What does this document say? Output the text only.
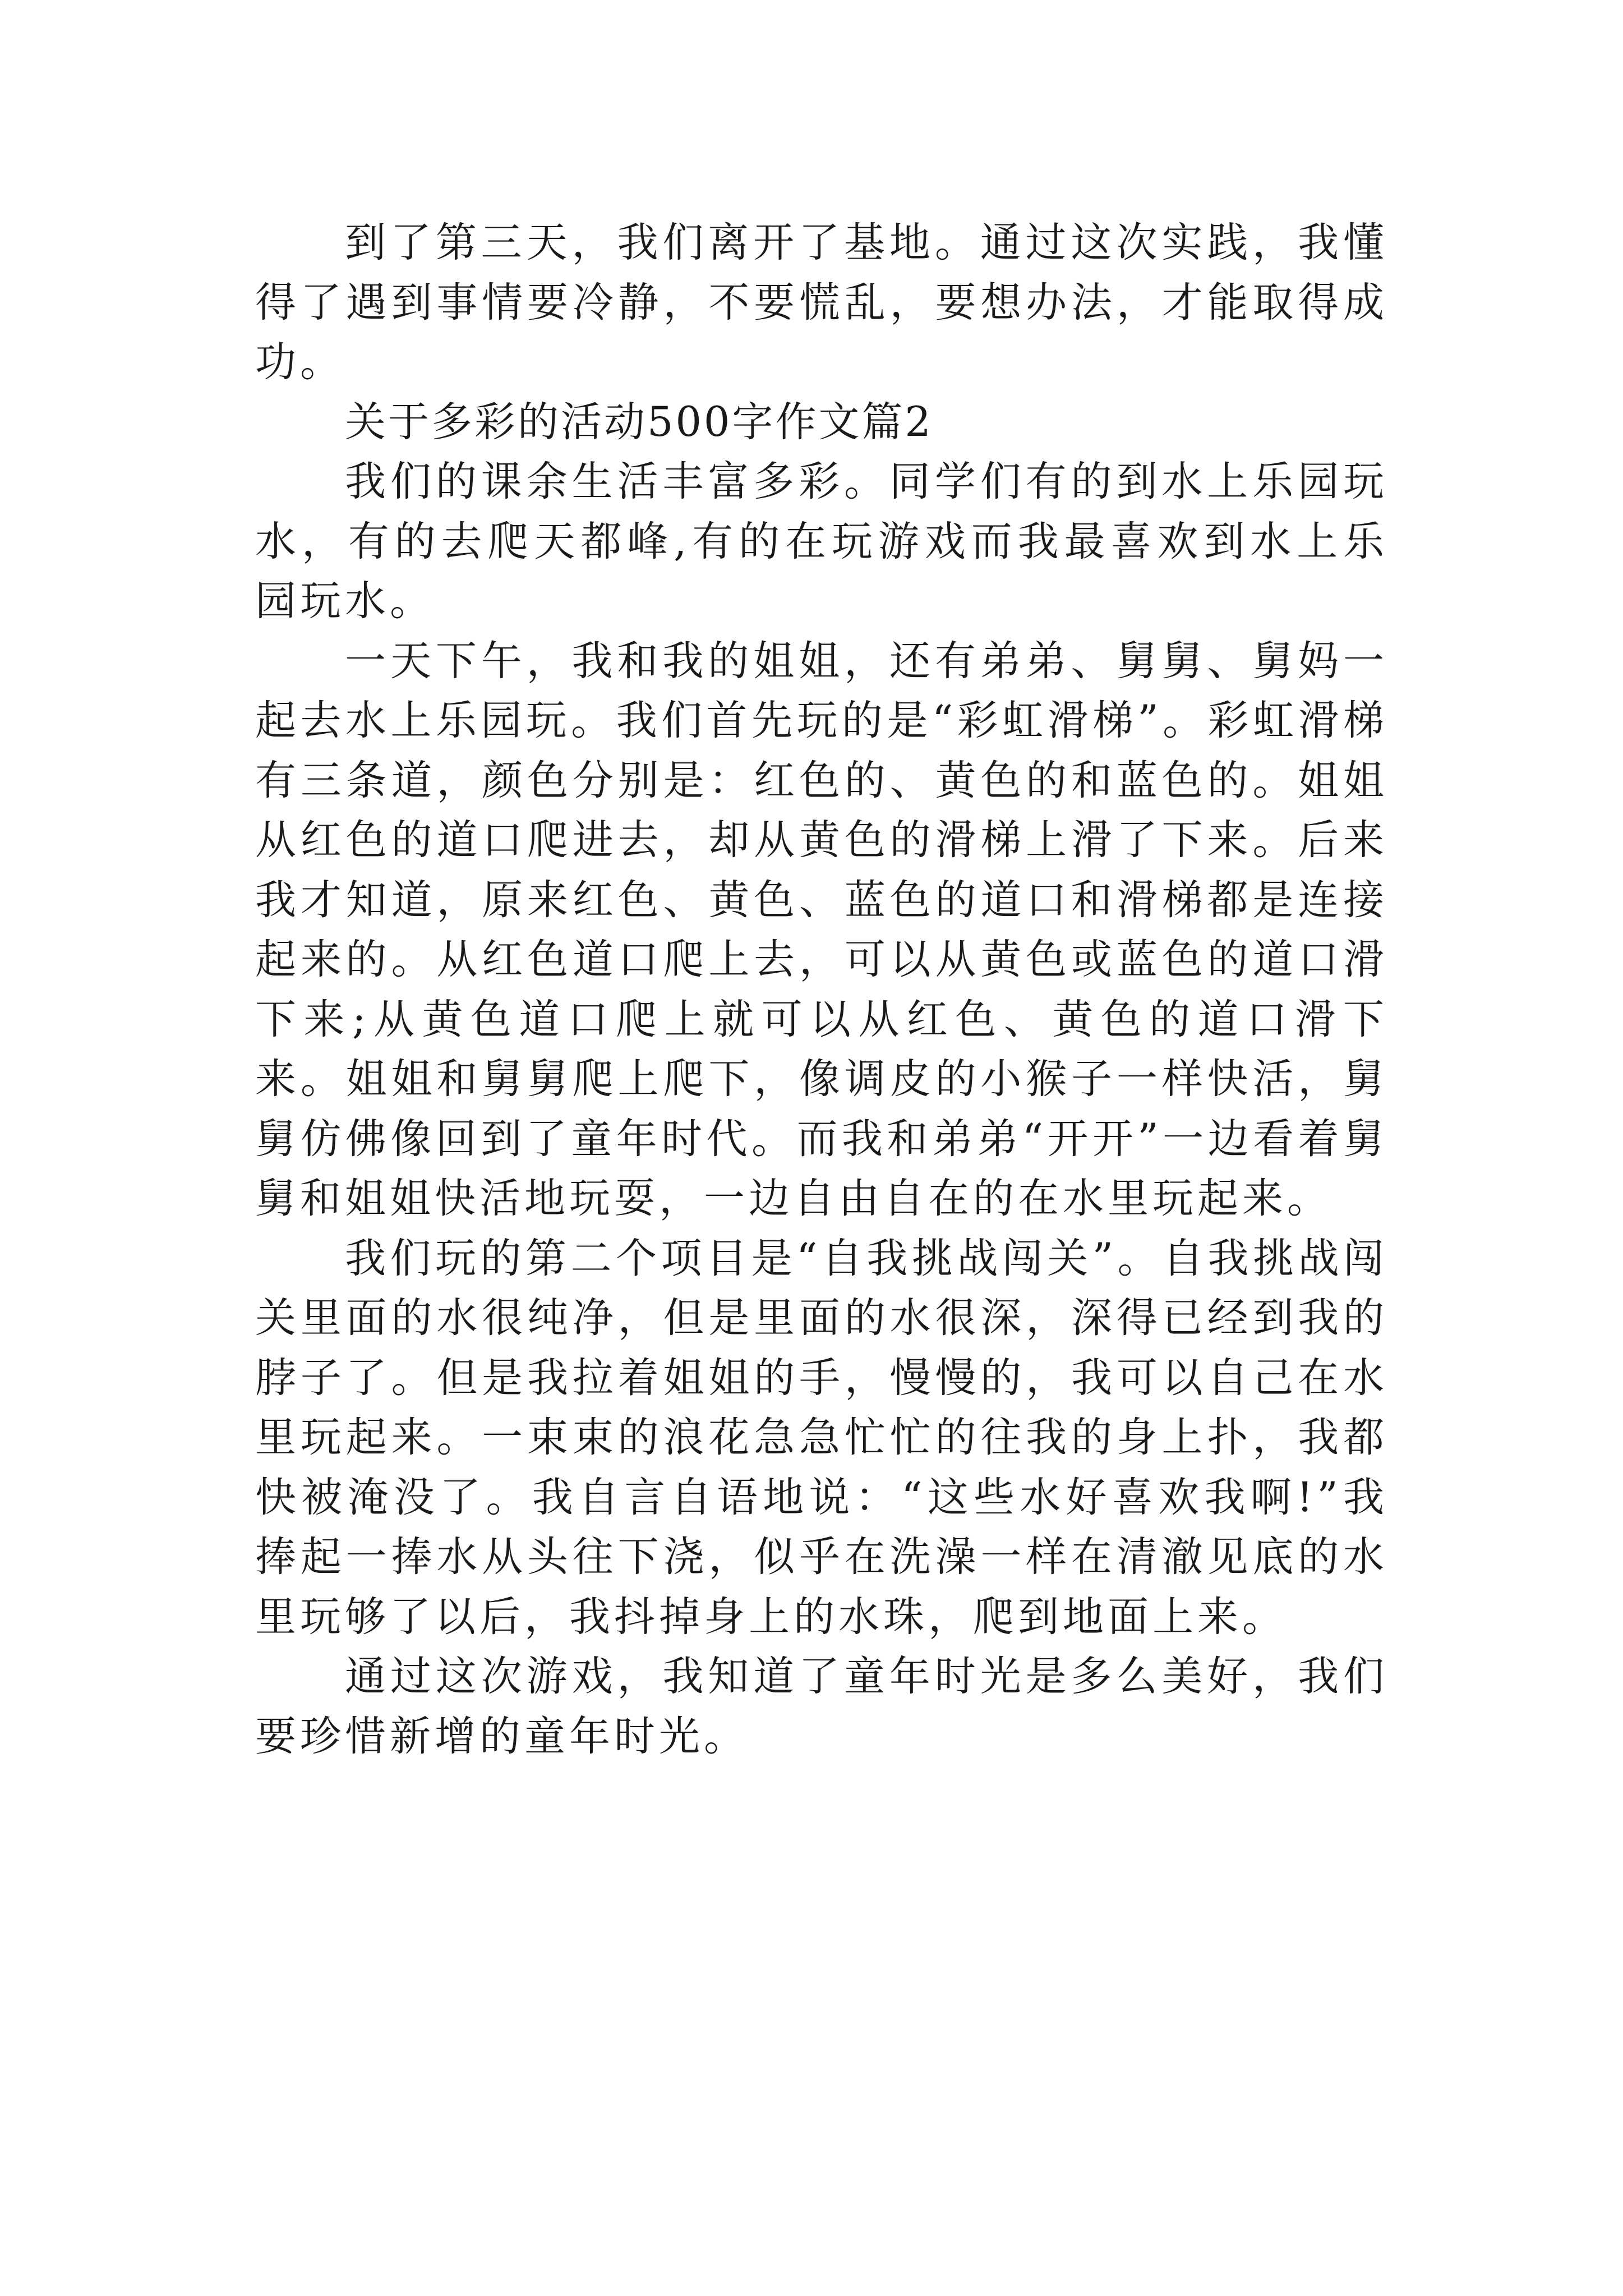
到了第三天，我们离开了基地。通过这次实践，我懂得了遇到事情要冷静，不要慌乱，要想办法，才能取得成功。

关于多彩的活动500字作文篇2

我们的课余生活丰富多彩。同学们有的到水上乐园玩水，有的去爬天都峰,有的在玩游戏而我最喜欢到水上乐园玩水。

一天下午，我和我的姐姐，还有弟弟、舅舅、舅妈一起去水上乐园玩。我们首先玩的是“彩虹滑梯”。彩虹滑梯有三条道，颜色分别是：红色的、黄色的和蓝色的。姐姐从红色的道口爬进去，却从黄色的滑梯上滑了下来。后来我才知道，原来红色、黄色、蓝色的道口和滑梯都是连接起来的。从红色道口爬上去，可以从黄色或蓝色的道口滑下来;从黄色道口爬上就可以从红色、黄色的道口滑下来。姐姐和舅舅爬上爬下，像调皮的小猴子一样快活，舅舅仿佛像回到了童年时代。而我和弟弟“开开”一边看着舅舅和姐姐快活地玩耍，一边自由自在的在水里玩起来。

我们玩的第二个项目是“自我挑战闯关”。自我挑战闯关里面的水很纯净，但是里面的水很深，深得已经到我的脖子了。但是我拉着姐姐的手，慢慢的，我可以自己在水里玩起来。一束束的浪花急急忙忙的往我的身上扑，我都快被淹没了。我自言自语地说：“这些水好喜欢我啊!”我捧起一捧水从头往下浇，似乎在洗澡一样在清澈见底的水里玩够了以后，我抖掉身上的水珠，爬到地面上来。

通过这次游戏，我知道了童年时光是多么美好，我们要珍惜新增的童年时光。
